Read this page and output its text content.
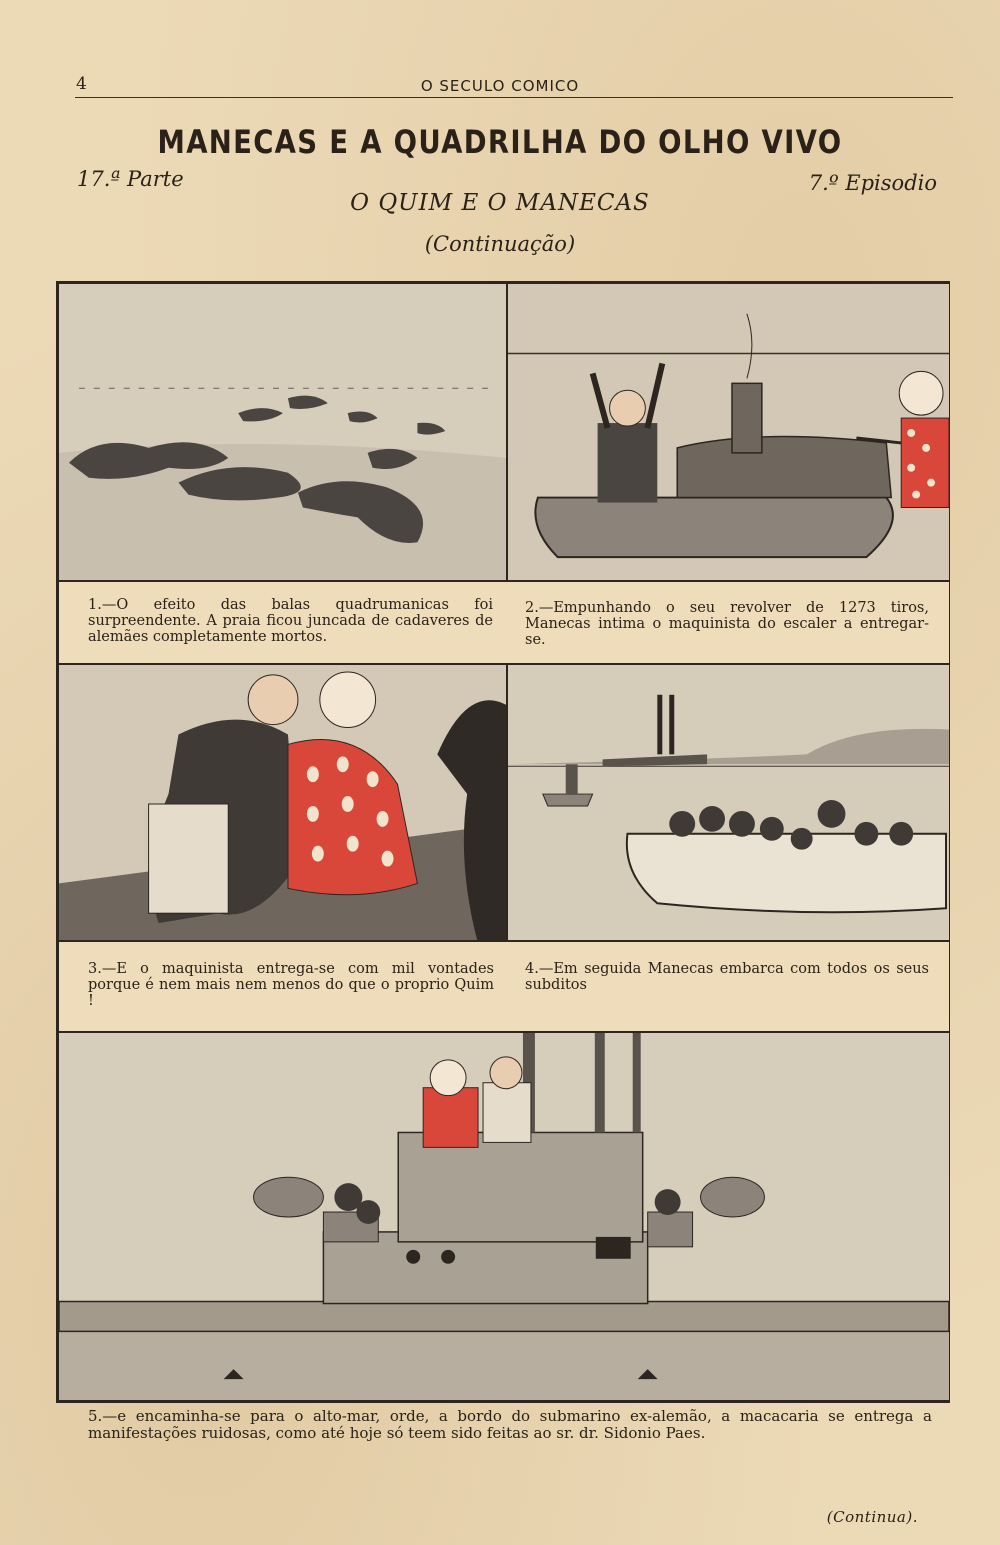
4	O SECULO COMICO
MANECAS E A QUADRILHA DO OLHO VIVO
17.ª Parte	7.º Episodio
O QUIM E O MANECAS
(Continuação)
1.—O efeito das balas quadrumanicas foi surpreendente. A praia ficou juncada de cadaveres de alemães completamente mortos.
2.—Empunhando o seu revolver de 1273 tiros, Manecas intima o maquinista do escaler a entregar-se.
3.—E o maquinista entrega-se com mil vontades porque é nem mais nem menos do que o proprio Quim !
4.—Em seguida Manecas embarca com todos os seus subditos
5.—e encaminha-se para o alto-mar, orde, a bordo do submarino ex-alemão, a macacaria se entrega a manifestações ruidosas, como até hoje só teem sido feitas ao sr. dr. Sidonio Paes.
(Continua).
